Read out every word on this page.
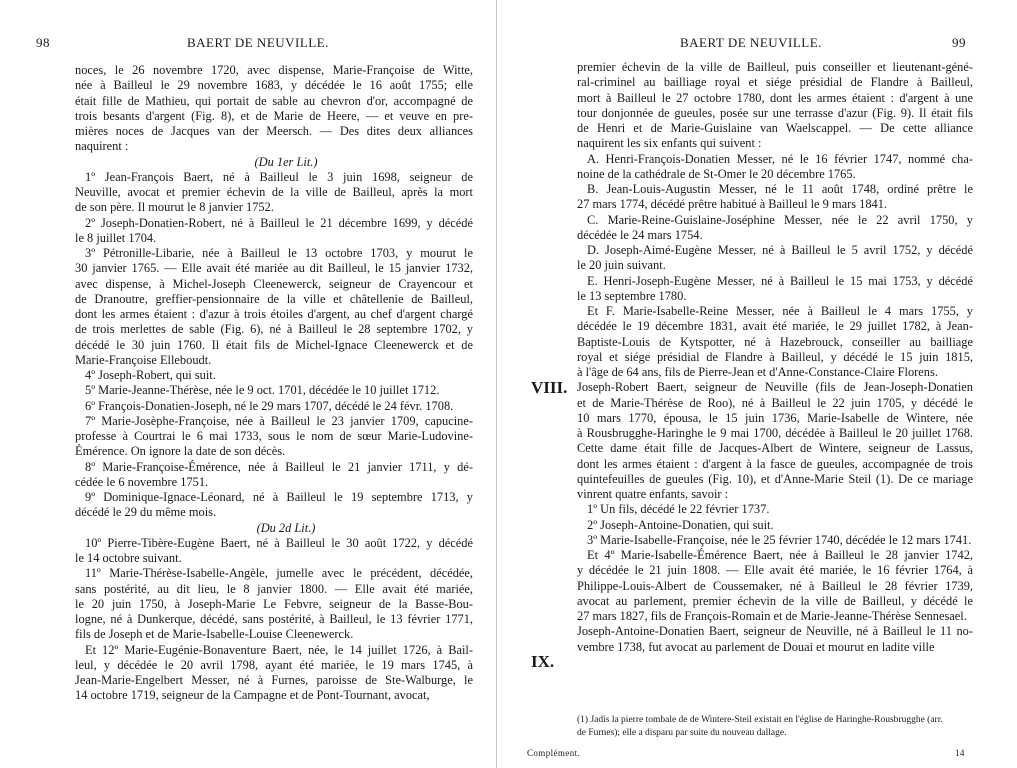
98	BAERT DE NEUVILLE.
noces, le 26 novembre 1720, avec dispense, Marie-Françoise de Witte,
née à Bailleul le 29 novembre 1683, y décédée le 16 août 1755; elle
était fille de Mathieu, qui portait de sable au chevron d'or, accompagné de
trois besants d'argent (Fig. 8), et de Marie de Heere, — et veuve en pre-
mières noces de Jacques van der Meersch. — Des dites deux alliances
naquirent :
(Du 1er Lit.)
1º Jean-François Baert, né à Bailleul le 3 juin 1698, seigneur de
Neuville, avocat et premier échevin de la ville de Bailleul, après la mort
de son père. Il mourut le 8 janvier 1752.
2º Joseph-Donatien-Robert, né à Bailleul le 21 décembre 1699, y décédé
le 8 juillet 1704.
3º Pétronille-Libarie, née à Bailleul le 13 octobre 1703, y mourut le
30 janvier 1765. — Elle avait été mariée au dit Bailleul, le 15 janvier 1732,
avec dispense, à Michel-Joseph Cleenewerck, seigneur de Crayencour et
de Dranoutre, greffier-pensionnaire de la ville et châtellenie de Bailleul,
dont les armes étaient : d'azur à trois étoiles d'argent, au chef d'argent chargé
de trois merlettes de sable (Fig. 6), né à Bailleul le 28 septembre 1702, y
décédé le 30 juin 1760. Il était fils de Michel-Ignace Cleenewerck et de
Marie-Françoise Elleboudt.
4º Joseph-Robert, qui suit.
5º Marie-Jeanne-Thérèse, née le 9 oct. 1701, décédée le 10 juillet 1712.
6º François-Donatien-Joseph, né le 29 mars 1707, décédé le 24 févr. 1708.
7º Marie-Josèphe-Françoise, née à Bailleul le 23 janvier 1709, capucine-
professe à Courtrai le 6 mai 1733, sous le nom de sœur Marie-Ludovine-
Émérence. On ignore la date de son décès.
8º Marie-Françoise-Émérence, née à Bailleul le 21 janvier 1711, y dé-
cédée le 6 novembre 1751.
9º Dominique-Ignace-Léonard, né à Bailleul le 19 septembre 1713, y
décédé le 29 du même mois.
(Du 2d Lit.)
10º Pierre-Tibère-Eugène Baert, né à Bailleul le 30 août 1722, y décédé
le 14 octobre suivant.
11º Marie-Thérèse-Isabelle-Angèle, jumelle avec le précédent, décédée,
sans postérité, au dit lieu, le 8 janvier 1800. — Elle avait été mariée,
le 20 juin 1750, à Joseph-Marie Le Febvre, seigneur de la Basse-Bou-
logne, né à Dunkerque, décédé, sans postérité, à Bailleul, le 13 février 1771,
fils de Joseph et de Marie-Isabelle-Louise Cleenewerck.
Et 12º Marie-Eugénie-Bonaventure Baert, née, le 14 juillet 1726, à Bail-
leul, y décédée le 20 avril 1798, ayant été mariée, le 19 mars 1745, à
Jean-Marie-Engelbert Messer, né à Furnes, paroisse de Ste-Walburge, le
14 octobre 1719, seigneur de la Campagne et de Pont-Tournant, avocat,
BAERT DE NEUVILLE.	99
premier échevin de la ville de Bailleul, puis conseiller et lieutenant-géné-
ral-criminel au bailliage royal et siége présidial de Flandre à Bailleul,
mort à Bailleul le 27 octobre 1780, dont les armes étaient : d'argent à une
tour donjonnée de gueules, posée sur une terrasse d'azur (Fig. 9). Il était fils
de Henri et de Marie-Guislaine van Waelscappel. — De cette alliance
naquirent les six enfants qui suivent :
A. Henri-François-Donatien Messer, né le 16 février 1747, nommé cha-
noine de la cathédrale de St-Omer le 20 décembre 1765.
B. Jean-Louis-Augustin Messer, né le 11 août 1748, ordiné prêtre le
27 mars 1774, décédé prêtre habitué à Bailleul le 9 mars 1841.
C. Marie-Reine-Guislaine-Joséphine Messer, née le 22 avril 1750, y
décédée le 24 mars 1754.
D. Joseph-Aimé-Eugène Messer, né à Bailleul le 5 avril 1752, y décédé
le 20 juin suivant.
E. Henri-Joseph-Eugène Messer, né à Bailleul le 15 mai 1753, y décédé
le 13 septembre 1780.
Et F. Marie-Isabelle-Reine Messer, née à Bailleul le 4 mars 1755, y
décédée le 19 décembre 1831, avait été mariée, le 29 juillet 1782, à Jean-
Baptiste-Louis de Kytspotter, né à Hazebrouck, conseiller au bailliage
royal et siége présidial de Flandre à Bailleul, y décédé le 15 juin 1815,
à l'âge de 64 ans, fils de Pierre-Jean et d'Anne-Constance-Claire Florens.
Joseph-Robert Baert, seigneur de Neuville (fils de Jean-Joseph-Donatien
et de Marie-Thérèse de Roo), né à Bailleul le 22 juin 1705, y décédé le
10 mars 1770, épousa, le 15 juin 1736, Marie-Isabelle de Wintere, née
à Rousbrugghe-Haringhe le 9 mai 1700, décédée à Bailleul le 20 juillet 1768.
Cette dame était fille de Jacques-Albert de Wintere, seigneur de Lassus,
dont les armes étaient : d'argent à la fasce de gueules, accompagnée de trois
quintefeuilles de gueules (Fig. 10), et d'Anne-Marie Steil (1). De ce mariage
vinrent quatre enfants, savoir :
1º Un fils, décédé le 22 février 1737.
2º Joseph-Antoine-Donatien, qui suit.
3º Marie-Isabelle-Françoise, née le 25 février 1740, décédée le 12 mars 1741.
Et 4º Marie-Isabelle-Émérence Baert, née à Bailleul le 28 janvier 1742,
y décédée le 21 juin 1808. — Elle avait été mariée, le 16 février 1764, à
Philippe-Louis-Albert de Coussemaker, né à Bailleul le 28 février 1739,
avocat au parlement, premier échevin de la ville de Bailleul, y décédé le
27 mars 1827, fils de François-Romain et de Marie-Jeanne-Thérèse Sennesael.
Joseph-Antoine-Donatien Baert, seigneur de Neuville, né à Bailleul le 11 no-
vembre 1738, fut avocat au parlement de Douai et mourut en ladite ville
VIII.
IX.
(1) Jadis la pierre tombale de de Wintere-Steil existait en l'église de Haringhe-Rousbrugghe (arr.
de Furnes); elle a disparu par suite du nouveau dallage.
Complément.	14
